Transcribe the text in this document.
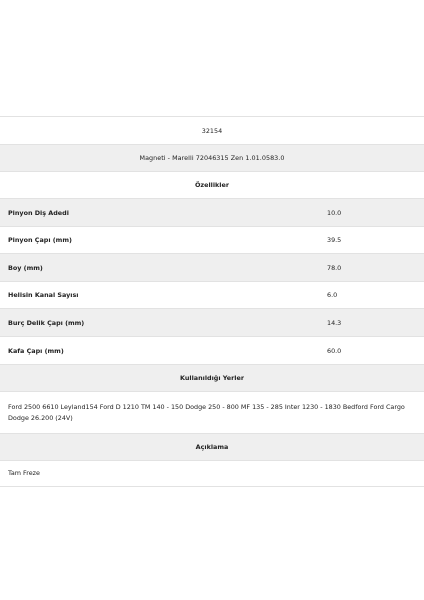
32154
Magneti - Marelli 72046315 Zen 1.01.0583.0
Özellikler
Pinyon Diş Adedi	10.0
Pinyon Çapı (mm)	39.5
Boy (mm)	78.0
Helisin Kanal Sayısı	6.0
Burç Delik Çapı (mm)	14.3
Kafa Çapı (mm)	60.0
Kullanıldığı Yerler
Ford 2500 6610 Leyland154 Ford D 1210 TM 140 - 150 Dodge 250 - 800 MF 135 - 285 Inter 1230 - 1830 Bedford Ford Cargo Dodge 26.200 (24V)
Açıklama
Tam Freze
